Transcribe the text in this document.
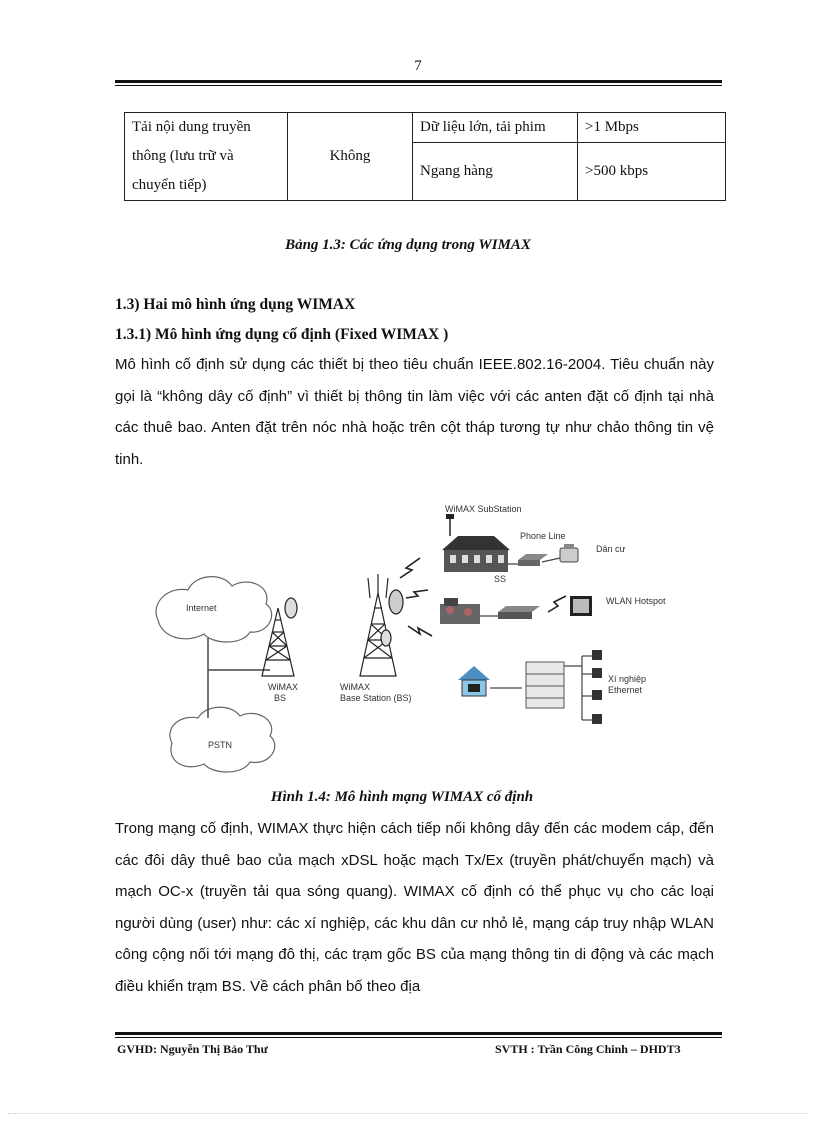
7
Tải nội dung truyền
thông (lưu trữ và
chuyển tiếp)	Không	Dữ liệu lớn, tải phim	>1 Mbps
		Ngang hàng	>500 kbps
Bảng 1.3: Các ứng dụng trong WIMAX
1.3) Hai mô hình ứng dụng WIMAX
1.3.1) Mô hình ứng dụng cố định (Fixed WIMAX )
Mô hình cố định sử dụng các thiết bị theo tiêu chuẩn IEEE.802.16-2004. Tiêu chuẩn này gọi là “không dây cố định” vì thiết bị thông tin làm việc với các anten đặt cố định tại nhà các thuê bao. Anten đặt trên nóc nhà hoặc trên cột tháp tương tự như chảo thông tin vệ tinh.
Internet
PSTN
WiMAX
BS
WiMAX
Base Station (BS)
WiMAX SubStation
Phone Line
SS
Dân cư
WLAN Hotspot
Xí nghiệp
Ethernet
Hình 1.4: Mô hình mạng WIMAX cố định
Trong mạng cố định, WIMAX thực hiện cách tiếp nối không dây đến các modem cáp, đến các đôi dây thuê bao của mạch xDSL hoặc mạch Tx/Ex (truyền phát/chuyển mạch) và mạch OC-x (truyền tải qua sóng quang). WIMAX cố định có thể phục vụ cho các loại người dùng (user) như: các xí nghiệp, các khu dân cư nhỏ lẻ, mạng cáp truy nhập WLAN công cộng nối tới mạng đô thị, các trạm gốc BS của mạng thông tin di động và các mạch điều khiển trạm BS. Về cách phân bố theo địa
GVHD: Nguyễn Thị Bảo Thư	SVTH : Trần Công Chinh – DHDT3
